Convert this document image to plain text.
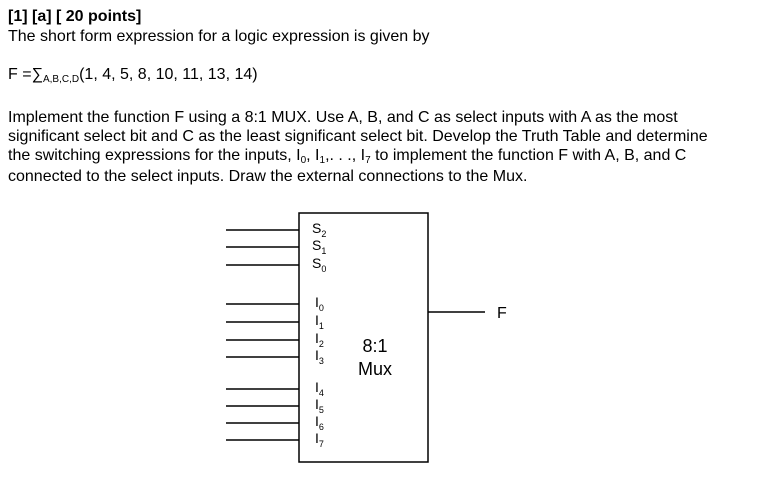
[1] [a] [ 20 points]
The short form expression for a logic expression is given by
F =∑A,B,C,D(1, 4, 5, 8, 10, 11, 13, 14)

Implement the function F using a 8:1 MUX. Use A, B, and C as select inputs with A as the most

significant select bit and C as the least significant select bit. Develop the Truth Table and determine

the switching expressions for the inputs, I0, I1,. . ., I7 to implement the function F with A, B, and C

connected to the select inputs. Draw the external connections to the Mux.

$S_2$
$S_1$
$S_0$
$I_0$
$I_1$
$I_2$
$I_3$
$I_4$
$I_5$
$I_6$
$I_7$
8:1
Mux
F
